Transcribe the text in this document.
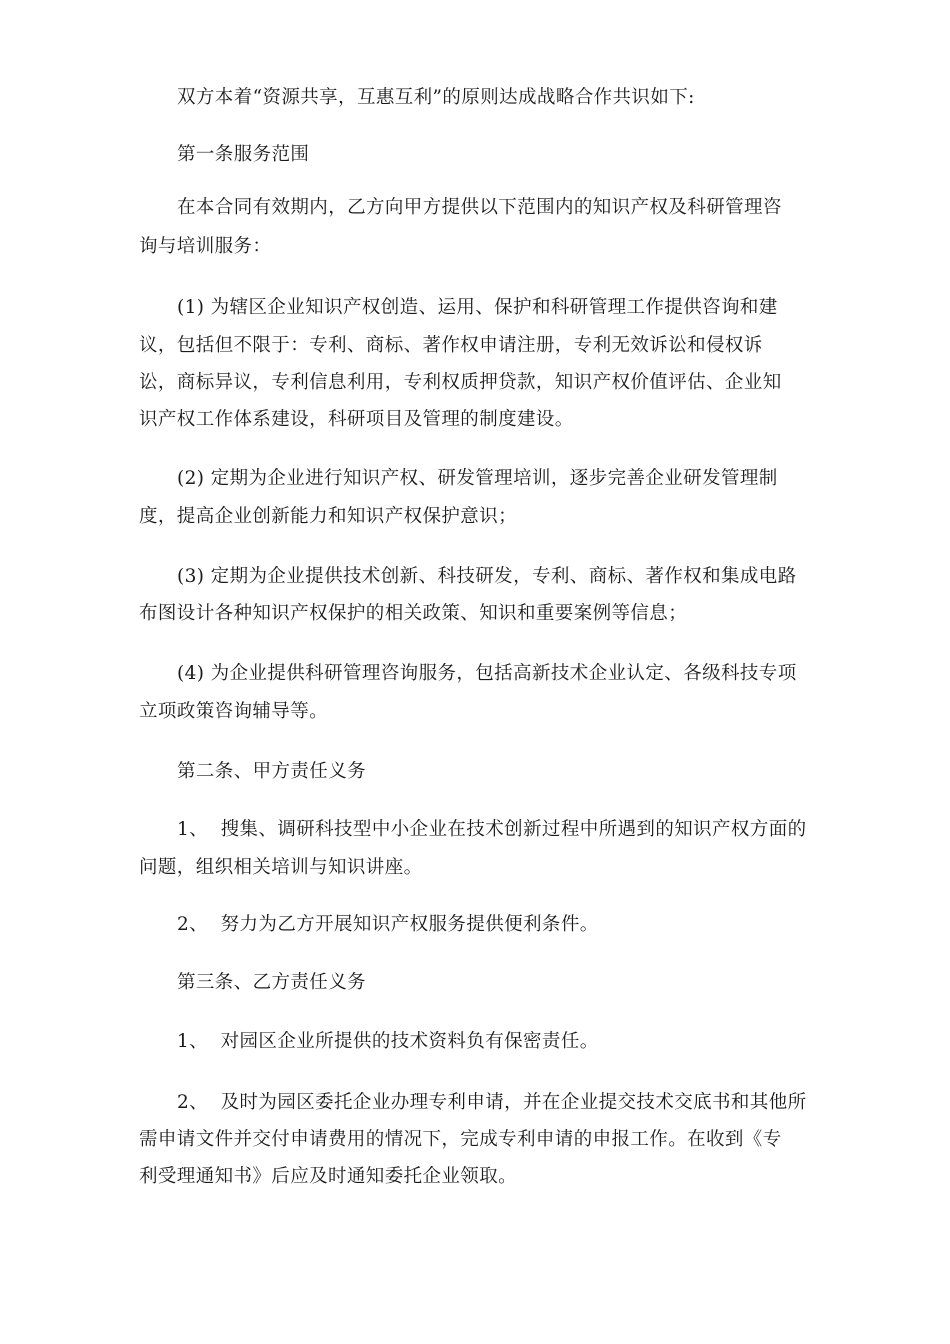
双方本着“资源共享，互惠互利”的原则达成战略合作共识如下:
第一条服务范围
在本合同有效期内，乙方向甲方提供以下范围内的知识产权及科研管理咨
询与培训服务：
(1) 为辖区企业知识产权创造、运用、保护和科研管理工作提供咨询和建
议，包括但不限于：专利、商标、著作权申请注册，专利无效诉讼和侵权诉
讼，商标异议，专利信息利用，专利权质押贷款，知识产权价值评估、企业知
识产权工作体系建设，科研项目及管理的制度建设。
(2) 定期为企业进行知识产权、研发管理培训，逐步完善企业研发管理制
度，提高企业创新能力和知识产权保护意识；
(3) 定期为企业提供技术创新、科技研发，专利、商标、著作权和集成电路
布图设计各种知识产权保护的相关政策、知识和重要案例等信息；
(4) 为企业提供科研管理咨询服务，包括高新技术企业认定、各级科技专项
立项政策咨询辅导等。
第二条、甲方责任义务
1、  搜集、调研科技型中小企业在技术创新过程中所遇到的知识产权方面的
问题，组织相关培训与知识讲座。
2、  努力为乙方开展知识产权服务提供便利条件。
第三条、乙方责任义务
1、  对园区企业所提供的技术资料负有保密责任。
2、  及时为园区委托企业办理专利申请，并在企业提交技术交底书和其他所
需申请文件并交付申请费用的情况下，完成专利申请的申报工作。在收到《专
利受理通知书》后应及时通知委托企业领取。
